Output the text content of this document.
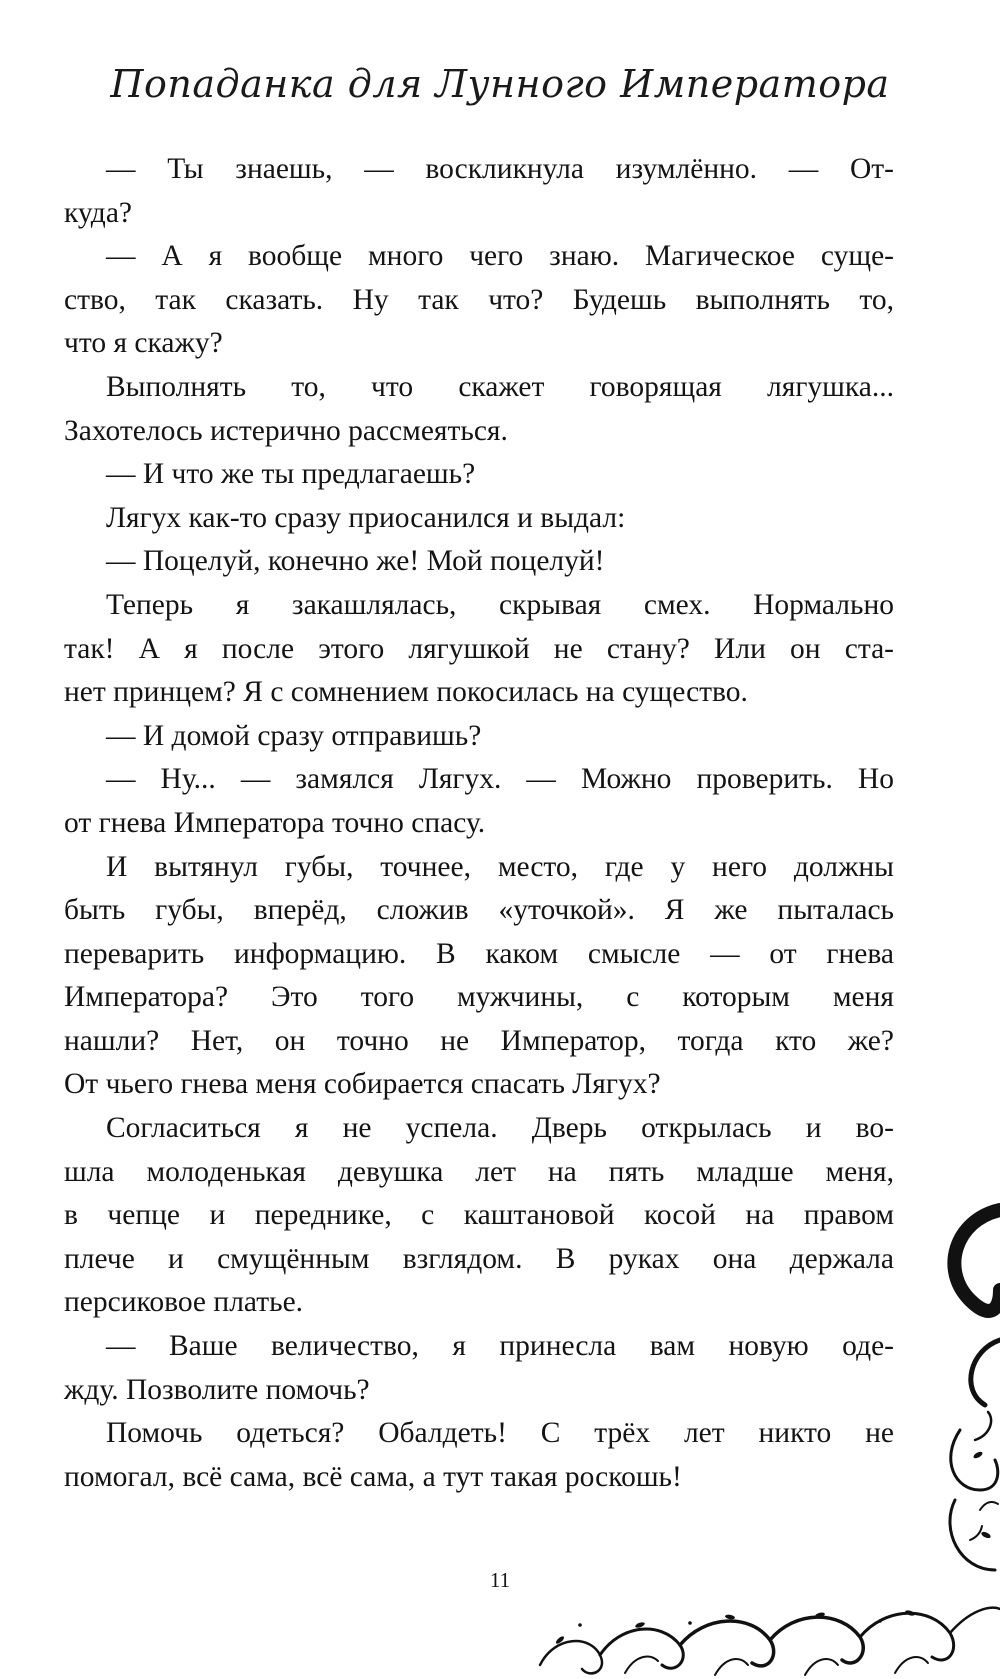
Попаданка для Лунного Императора

— Ты знаешь, — воскликнула изумлённо. — От-
куда?

— А я вообще много чего знаю. Магическое суще-
ство, так сказать. Ну так что? Будешь выполнять то,
что я скажу?

Выполнять то, что скажет говорящая лягушка...
Захотелось истерично рассмеяться.

— И что же ты предлагаешь?

Лягух как-то сразу приосанился и выдал:

— Поцелуй, конечно же! Мой поцелуй!

Теперь я закашлялась, скрывая смех. Нормально
так! А я после этого лягушкой не стану? Или он ста-
нет принцем? Я с сомнением покосилась на существо.

— И домой сразу отправишь?

— Ну... — замялся Лягух. — Можно проверить. Но
от гнева Императора точно спасу.

И вытянул губы, точнее, место, где у него должны
быть губы, вперёд, сложив «уточкой». Я же пыталась
переварить информацию. В каком смысле — от гнева
Императора? Это того мужчины, с которым меня
нашли? Нет, он точно не Император, тогда кто же?
От чьего гнева меня собирается спасать Лягух?

Согласиться я не успела. Дверь открылась и во-
шла молоденькая девушка лет на пять младше меня,
в чепце и переднике, с каштановой косой на правом
плече и смущённым взглядом. В руках она держала
персиковое платье.

— Ваше величество, я принесла вам новую оде-
жду. Позволите помочь?

Помочь одеться? Обалдеть! С трёх лет никто не
помогал, всё сама, всё сама, а тут такая роскошь!

11
